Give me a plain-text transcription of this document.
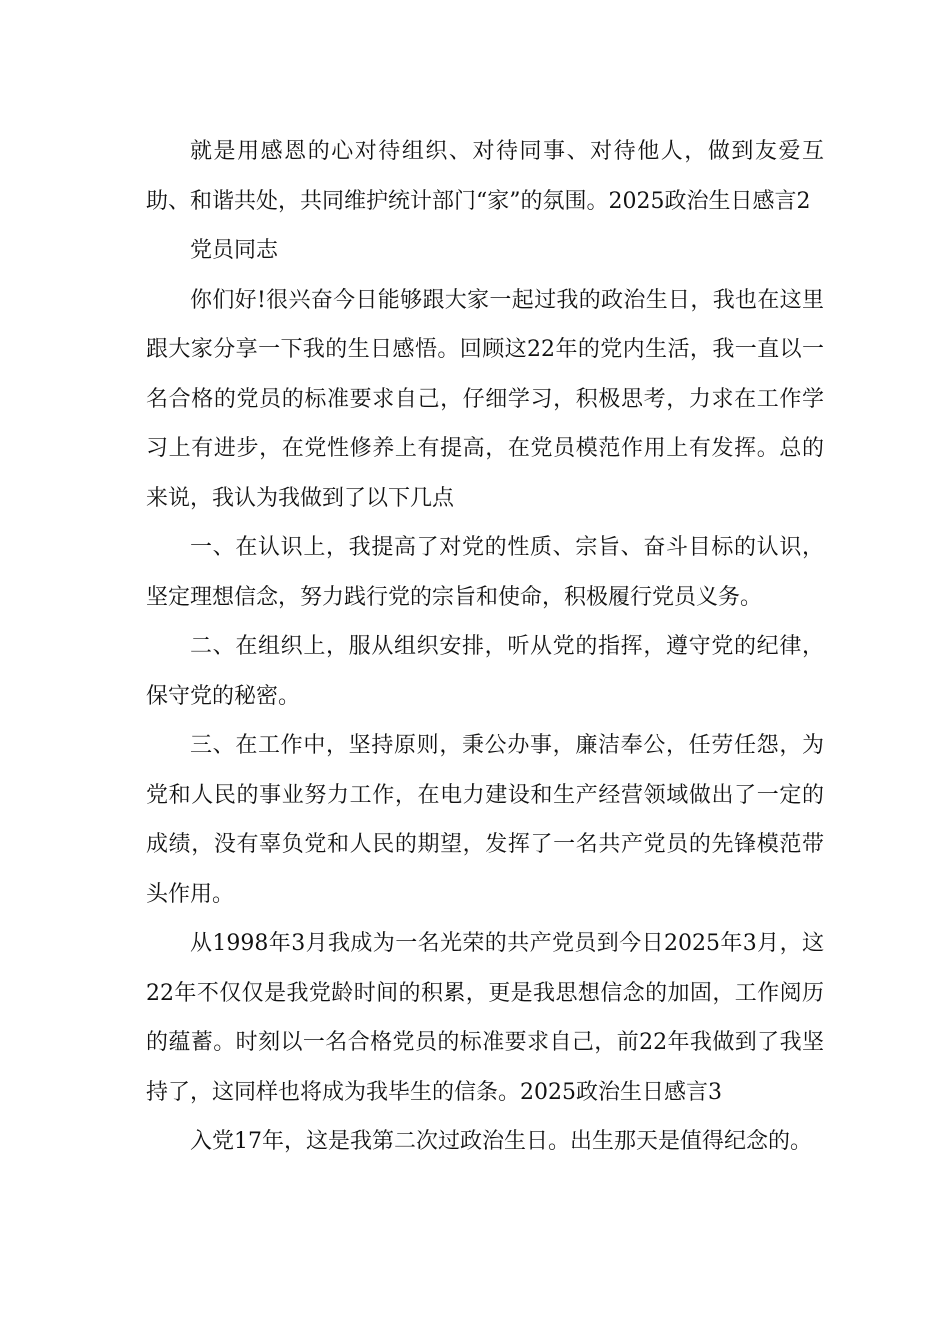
就是用感恩的心对待组织、对待同事、对待他人，做到友爱互助、和谐共处，共同维护统计部门“家”的氛围。2025政治生日感言2

党员同志

你们好!很兴奋今日能够跟大家一起过我的政治生日，我也在这里跟大家分享一下我的生日感悟。回顾这22年的党内生活，我一直以一名合格的党员的标准要求自己，仔细学习，积极思考，力求在工作学习上有进步，在党性修养上有提高，在党员模范作用上有发挥。总的来说，我认为我做到了以下几点

一、在认识上，我提高了对党的性质、宗旨、奋斗目标的认识，坚定理想信念，努力践行党的宗旨和使命，积极履行党员义务。

二、在组织上，服从组织安排，听从党的指挥，遵守党的纪律，保守党的秘密。

三、在工作中，坚持原则，秉公办事，廉洁奉公，任劳任怨，为党和人民的事业努力工作，在电力建设和生产经营领域做出了一定的成绩，没有辜负党和人民的期望，发挥了一名共产党员的先锋模范带头作用。

从1998年3月我成为一名光荣的共产党员到今日2025年3月，这22年不仅仅是我党龄时间的积累，更是我思想信念的加固，工作阅历的蕴蓄。时刻以一名合格党员的标准要求自己，前22年我做到了我坚持了，这同样也将成为我毕生的信条。2025政治生日感言3

入党17年，这是我第二次过政治生日。出生那天是值得纪念的。
